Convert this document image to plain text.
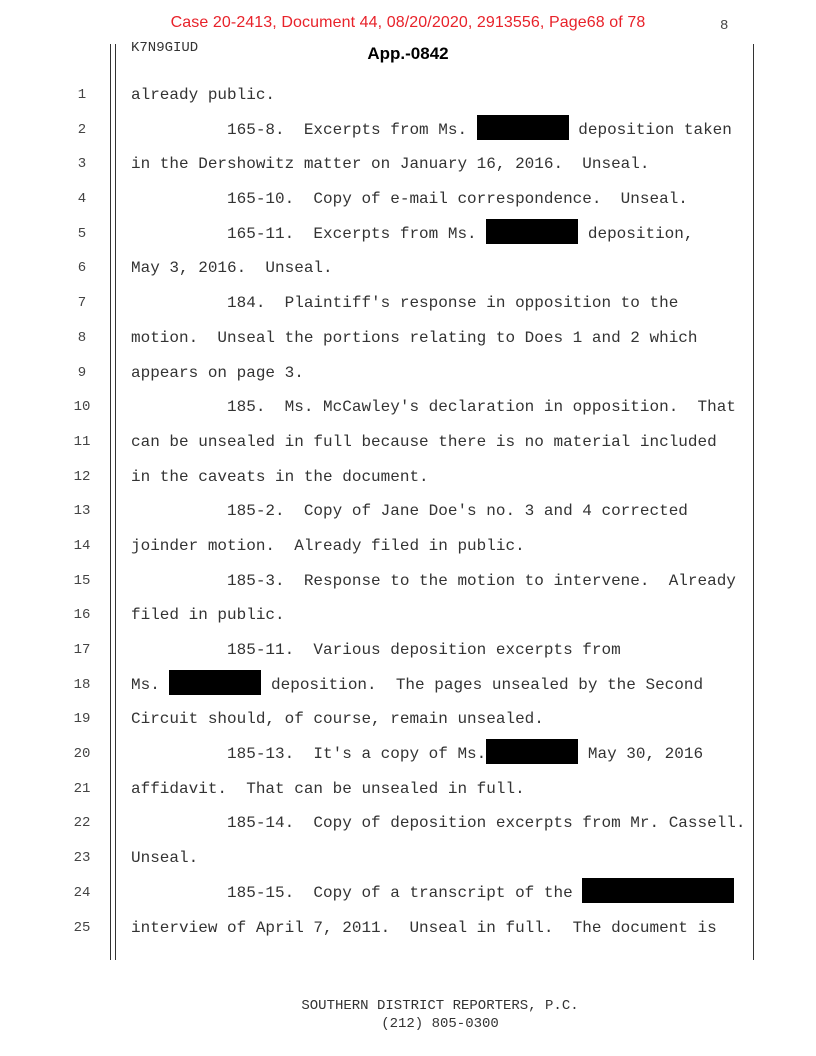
Case 20-2413, Document 44, 08/20/2020, 2913556, Page68 of 78	8
K7N9GIUD	App.-0842
1
2
3
4
5
6
7
8
9
10
11
12
13
14
15
16
17
18
19
20
21
22
23
24
25
already public.
165-8.  Excerpts from Ms.	deposition taken
in the Dershowitz matter on January 16, 2016.  Unseal.
165-10.  Copy of e-mail correspondence.  Unseal.
165-11.  Excerpts from Ms.	deposition,
May 3, 2016.  Unseal.
184.  Plaintiff's response in opposition to the
motion.  Unseal the portions relating to Does 1 and 2 which
appears on page 3.
185.  Ms. McCawley's declaration in opposition.  That
can be unsealed in full because there is no material included
in the caveats in the document.
185-2.  Copy of Jane Doe's no. 3 and 4 corrected
joinder motion.  Already filed in public.
185-3.  Response to the motion to intervene.  Already
filed in public.
185-11.  Various deposition excerpts from
Ms.	deposition.  The pages unsealed by the Second
Circuit should, of course, remain unsealed.
185-13.  It's a copy of Ms.	May 30, 2016
affidavit.  That can be unsealed in full.
185-14.  Copy of deposition excerpts from Mr. Cassell.
Unseal.
185-15.  Copy of a transcript of the
interview of April 7, 2011.  Unseal in full.  The document is
SOUTHERN DISTRICT REPORTERS, P.C.
(212) 805-0300
